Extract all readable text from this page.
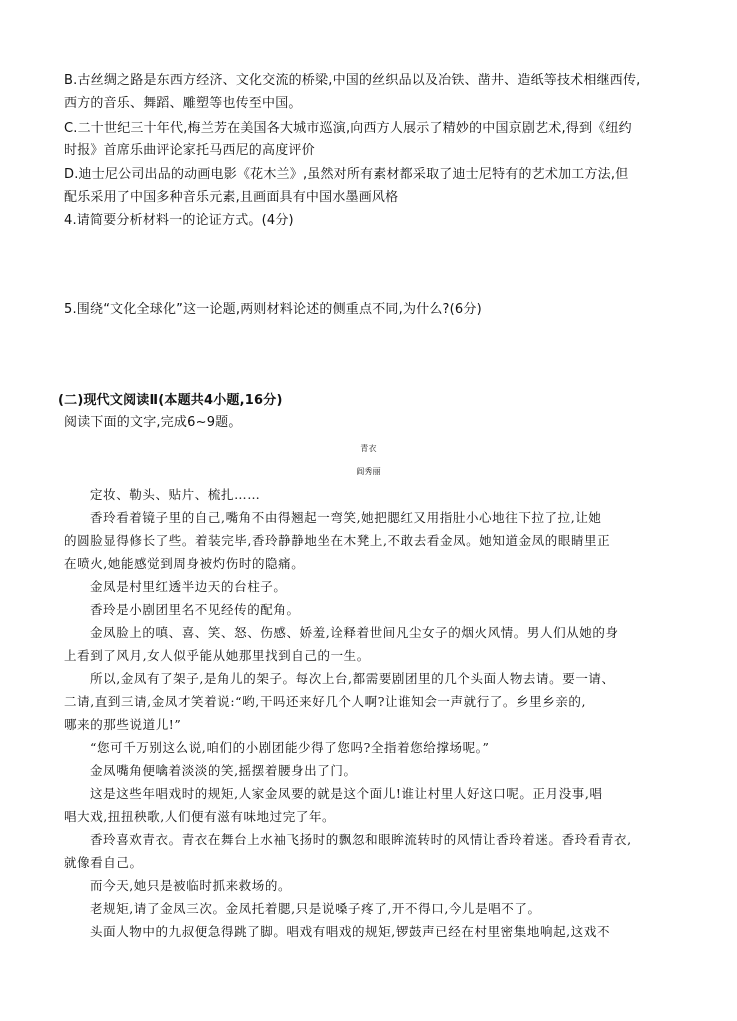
B.古丝绸之路是东西方经济、文化交流的桥梁,中国的丝织品以及冶铁、凿井、造纸等技术相继西传,
西方的音乐、舞蹈、雕塑等也传至中国。
C.二十世纪三十年代,梅兰芳在美国各大城市巡演,向西方人展示了精妙的中国京剧艺术,得到《纽约
时报》首席乐曲评论家托马西尼的高度评价
D.迪士尼公司出品的动画电影《花木兰》,虽然对所有素材都采取了迪士尼特有的艺术加工方法,但
配乐采用了中国多种音乐元素,且画面具有中国水墨画风格
4.请简要分析材料一的论证方式。(4分)
5.围绕“文化全球化”这一论题,两则材料论述的侧重点不同,为什么?(6分)
(二)现代文阅读Ⅱ(本题共4小题,16分)
阅读下面的文字,完成6~9题。
青衣
阎秀丽
定妆、勒头、贴片、梳扎……
香玲看着镜子里的自己,嘴角不由得翘起一弯笑,她把腮红又用指肚小心地往下拉了拉,让她
的圆脸显得修长了些。着装完毕,香玲静静地坐在木凳上,不敢去看金凤。她知道金凤的眼睛里正
在喷火,她能感觉到周身被灼伤时的隐痛。
金凤是村里红透半边天的台柱子。
香玲是小剧团里名不见经传的配角。
金凤脸上的嗔、喜、笑、怒、伤感、娇羞,诠释着世间凡尘女子的烟火风情。男人们从她的身
上看到了风月,女人似乎能从她那里找到自己的一生。
所以,金凤有了架子,是角儿的架子。每次上台,都需要剧团里的几个头面人物去请。要一请、
二请,直到三请,金凤才笑着说:“哟,干吗还来好几个人啊?让谁知会一声就行了。乡里乡亲的,
哪来的那些说道儿!”
“您可千万别这么说,咱们的小剧团能少得了您吗?全指着您给撑场呢。”
金凤嘴角便噙着淡淡的笑,摇摆着腰身出了门。
这是这些年唱戏时的规矩,人家金凤要的就是这个面儿!谁让村里人好这口呢。正月没事,唱
唱大戏,扭扭秧歌,人们便有滋有味地过完了年。
香玲喜欢青衣。青衣在舞台上水袖飞扬时的飘忽和眼眸流转时的风情让香玲着迷。香玲看青衣,
就像看自己。
而今天,她只是被临时抓来救场的。
老规矩,请了金凤三次。金凤托着腮,只是说嗓子疼了,开不得口,今儿是唱不了。
头面人物中的九叔便急得跳了脚。唱戏有唱戏的规矩,锣鼓声已经在村里密集地响起,这戏不
